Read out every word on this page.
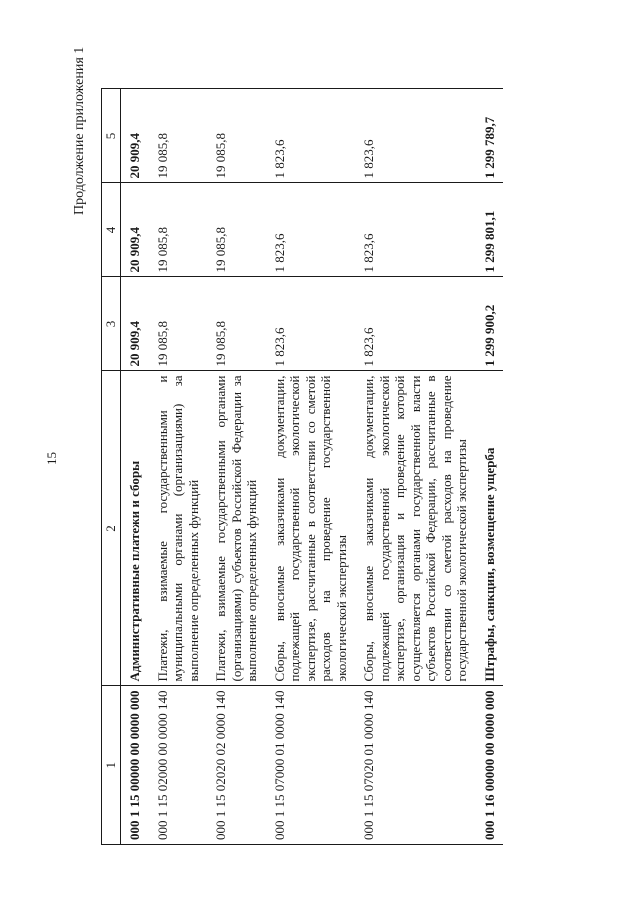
15
Продолжение приложения 1
1	2	3	4	5
000 1 15 00000 00 0000 000	Административные платежи и сборы	20 909,4	20 909,4	20 909,4
000 1 15 02000 00 0000 140	Платежи, взимаемые государственными и муниципальными органами (организациями) за выполнение определенных функций	19 085,8	19 085,8	19 085,8
000 1 15 02020 02 0000 140	Платежи, взимаемые государственными органами (организациями) субъектов Российской Федерации за выполнение определенных функций	19 085,8	19 085,8	19 085,8
000 1 15 07000 01 0000 140	Сборы, вносимые заказчиками документации, подлежащей государственной экологической экспертизе, рассчитанные в соответствии со сметой расходов на проведение государственной экологической экспертизы	1 823,6	1 823,6	1 823,6
000 1 15 07020 01 0000 140	Сборы, вносимые заказчиками документации, подлежащей государственной экологической экспертизе, организация и проведение которой осуществляется органами государственной власти субъектов Российской Федерации, рассчитанные в соответствии со сметой расходов на проведение государственной экологической экспертизы	1 823,6	1 823,6	1 823,6
000 1 16 00000 00 0000 000	Штрафы, санкции, возмещение ущерба	1 299 900,2	1 299 801,1	1 299 789,7
